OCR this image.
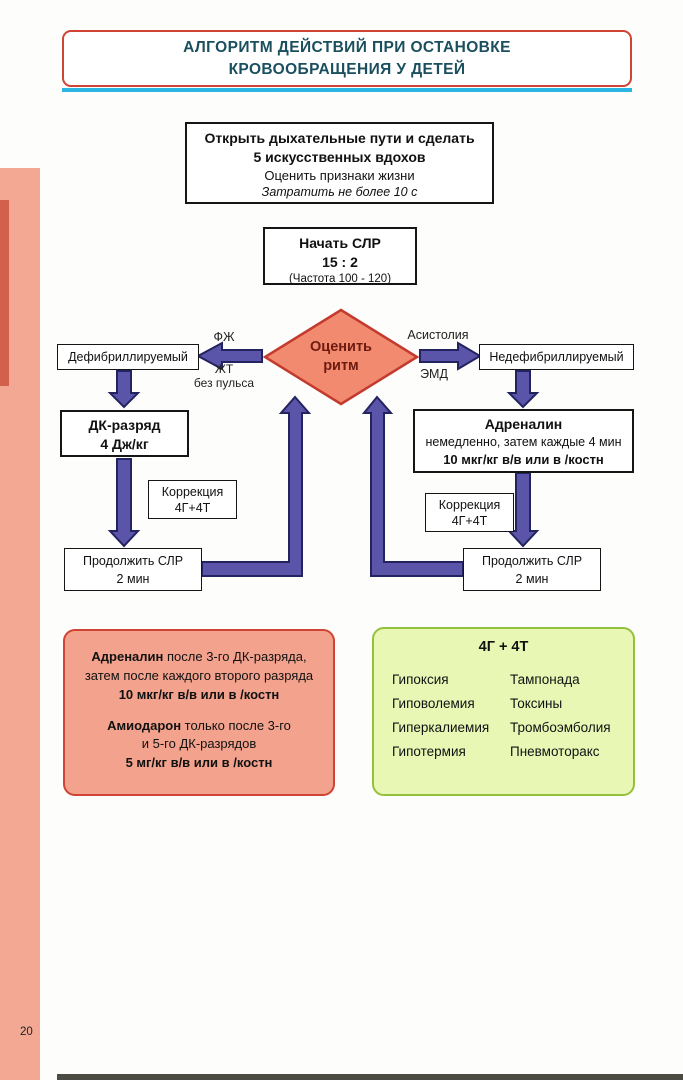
АЛГОРИТМ ДЕЙСТВИЙ ПРИ ОСТАНОВКЕ
КРОВООБРАЩЕНИЯ У ДЕТЕЙ
Открыть дыхательные пути и сделать
5 искусственных вдохов
Оценить признаки жизни
Затратить не более 10 с
Начать СЛР
15 : 2
(Частота 100 - 120)
Оценить
ритм
ФЖ
ЖТ
без пульса
Асистолия
ЭМД
Дефибриллируемый	Недефибриллируемый
ДК-разряд
4 Дж/кг
Коррекция
4Г+4Т
Продолжить СЛР
2 мин
Адреналин
немедленно, затем каждые 4 мин
10 мкг/кг в/в или в /костн
Коррекция
4Г+4Т
Продолжить СЛР
2 мин
Адреналин после 3-го ДК-разряда,
затем после каждого второго разряда
10 мкг/кг в/в или в /костн
Амиодарон только после 3-го
и 5-го ДК-разрядов
5 мг/кг в/в или в /костн
4Г + 4Т
Гипоксия	Тампонада
Гиповолемия	Токсины
Гиперкалиемия	Тромбоэмболия
Гипотермия	Пневмоторакс
20
